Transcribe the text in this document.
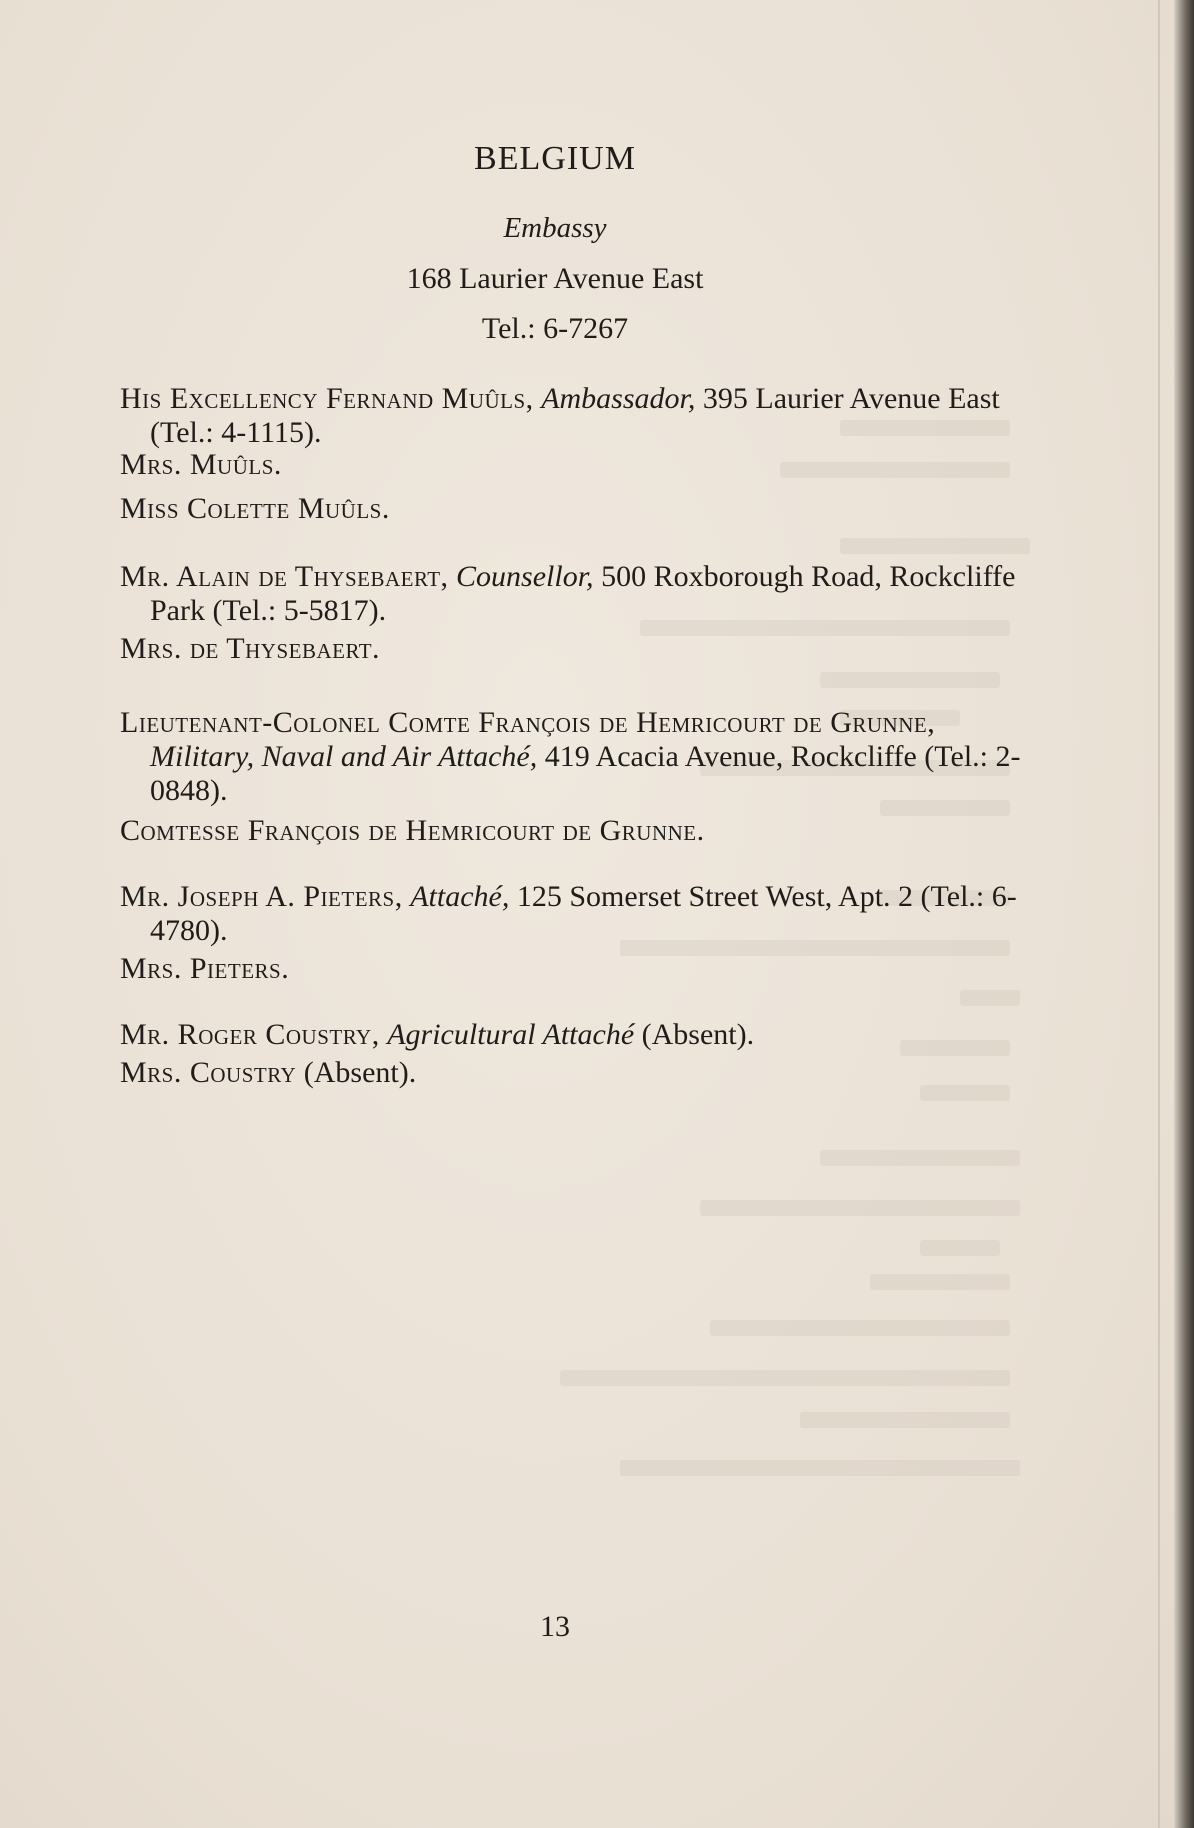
BELGIUM
Embassy
168 Laurier Avenue East
Tel.: 6-7267
His Excellency Fernand Muûls, Ambassador, 395 Laurier Avenue East (Tel.: 4-1115).
Mrs. Muûls.
Miss Colette Muûls.
Mr. Alain de Thysebaert, Counsellor, 500 Roxborough Road, Rockcliffe Park (Tel.: 5-5817).
Mrs. de Thysebaert.
Lieutenant-Colonel Comte François de Hemricourt de Grunne, Military, Naval and Air Attaché, 419 Acacia Avenue, Rockcliffe (Tel.: 2-0848).
Comtesse François de Hemricourt de Grunne.
Mr. Joseph A. Pieters, Attaché, 125 Somerset Street West, Apt. 2 (Tel.: 6-4780).
Mrs. Pieters.
Mr. Roger Coustry, Agricultural Attaché (Absent).
Mrs. Coustry (Absent).
13
